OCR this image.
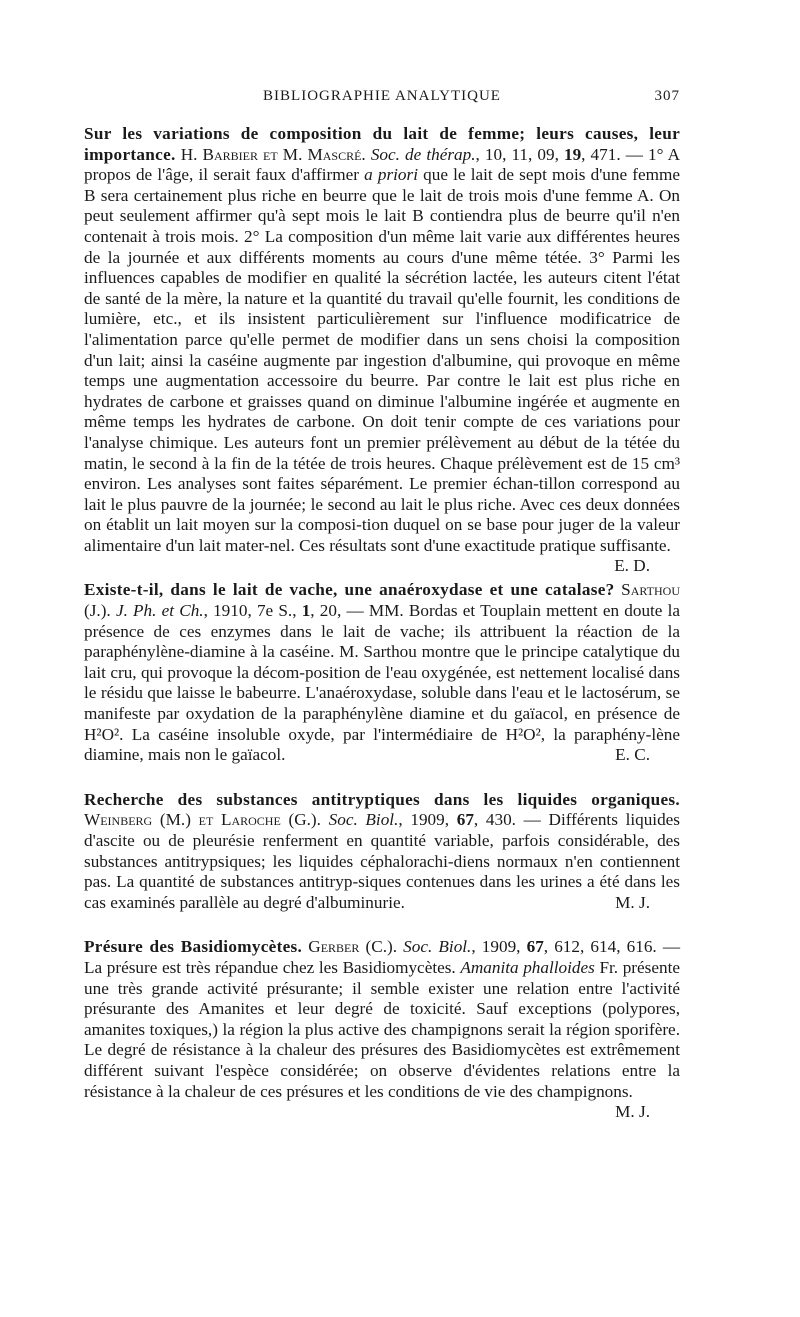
BIBLIOGRAPHIE ANALYTIQUE	307

Sur les variations de composition du lait de femme; leurs causes, leur importance. H. Barbier et M. Mascré. Soc. de thérap., 10, 11, 09, 19, 471. — 1° A propos de l'âge, il serait faux d'affirmer a priori que le lait de sept mois d'une femme B sera certainement plus riche en beurre que le lait de trois mois d'une femme A. On peut seulement affirmer qu'à sept mois le lait B contiendra plus de beurre qu'il n'en contenait à trois mois. 2° La composition d'un même lait varie aux différentes heures de la journée et aux différents moments au cours d'une même tétée. 3° Parmi les influences capables de modifier en qualité la sécrétion lactée, les auteurs citent l'état de santé de la mère, la nature et la quantité du travail qu'elle fournit, les conditions de lumière, etc., et ils insistent particulièrement sur l'influence modificatrice de l'alimentation parce qu'elle permet de modifier dans un sens choisi la composition d'un lait; ainsi la caséine augmente par ingestion d'albumine, qui provoque en même temps une augmentation accessoire du beurre. Par contre le lait est plus riche en hydrates de carbone et graisses quand on diminue l'albumine ingérée et augmente en même temps les hydrates de carbone. On doit tenir compte de ces variations pour l'analyse chimique. Les auteurs font un premier prélèvement au début de la tétée du matin, le second à la fin de la tétée de trois heures. Chaque prélèvement est de 15 cm³ environ. Les analyses sont faites séparément. Le premier échan-tillon correspond au lait le plus pauvre de la journée; le second au lait le plus riche. Avec ces deux données on établit un lait moyen sur la composi-tion duquel on se base pour juger de la valeur alimentaire d'un lait mater-nel. Ces résultats sont d'une exactitude pratique suffisante.
E. D.

Existe-t-il, dans le lait de vache, une anaéroxydase et une catalase? Sarthou (J.). J. Ph. et Ch., 1910, 7e S., 1, 20, — MM. Bordas et Touplain mettent en doute la présence de ces enzymes dans le lait de vache; ils attribuent la réaction de la paraphénylène-diamine à la caséine. M. Sarthou montre que le principe catalytique du lait cru, qui provoque la décom-position de l'eau oxygénée, est nettement localisé dans le résidu que laisse le babeurre. L'anaéroxydase, soluble dans l'eau et le lactosérum, se manifeste par oxydation de la paraphénylène diamine et du gaïacol, en présence de H²O². La caséine insoluble oxyde, par l'intermédiaire de H²O², la paraphény-lène diamine, mais non le gaïacol.	E. C.

Recherche des substances antitryptiques dans les liquides organiques. Weinberg (M.) et Laroche (G.). Soc. Biol., 1909, 67, 430. — Différents liquides d'ascite ou de pleurésie renferment en quantité variable, parfois considérable, des substances antitrypsiques; les liquides céphalorachi-diens normaux n'en contiennent pas. La quantité de substances antitryp-siques contenues dans les urines a été dans les cas examinés parallèle au degré d'albuminurie.	M. J.

Présure des Basidiomycètes. Gerber (C.). Soc. Biol., 1909, 67, 612, 614, 616. — La présure est très répandue chez les Basidiomycètes. Amanita phalloides Fr. présente une très grande activité présurante; il semble exister une relation entre l'activité présurante des Amanites et leur degré de toxicité. Sauf exceptions (polypores, amanites toxiques,) la région la plus active des champignons serait la région sporifère. Le degré de résistance à la chaleur des présures des Basidiomycètes est extrêmement différent suivant l'espèce considérée; on observe d'évidentes relations entre la résistance à la chaleur de ces présures et les conditions de vie des champignons.
M. J.
